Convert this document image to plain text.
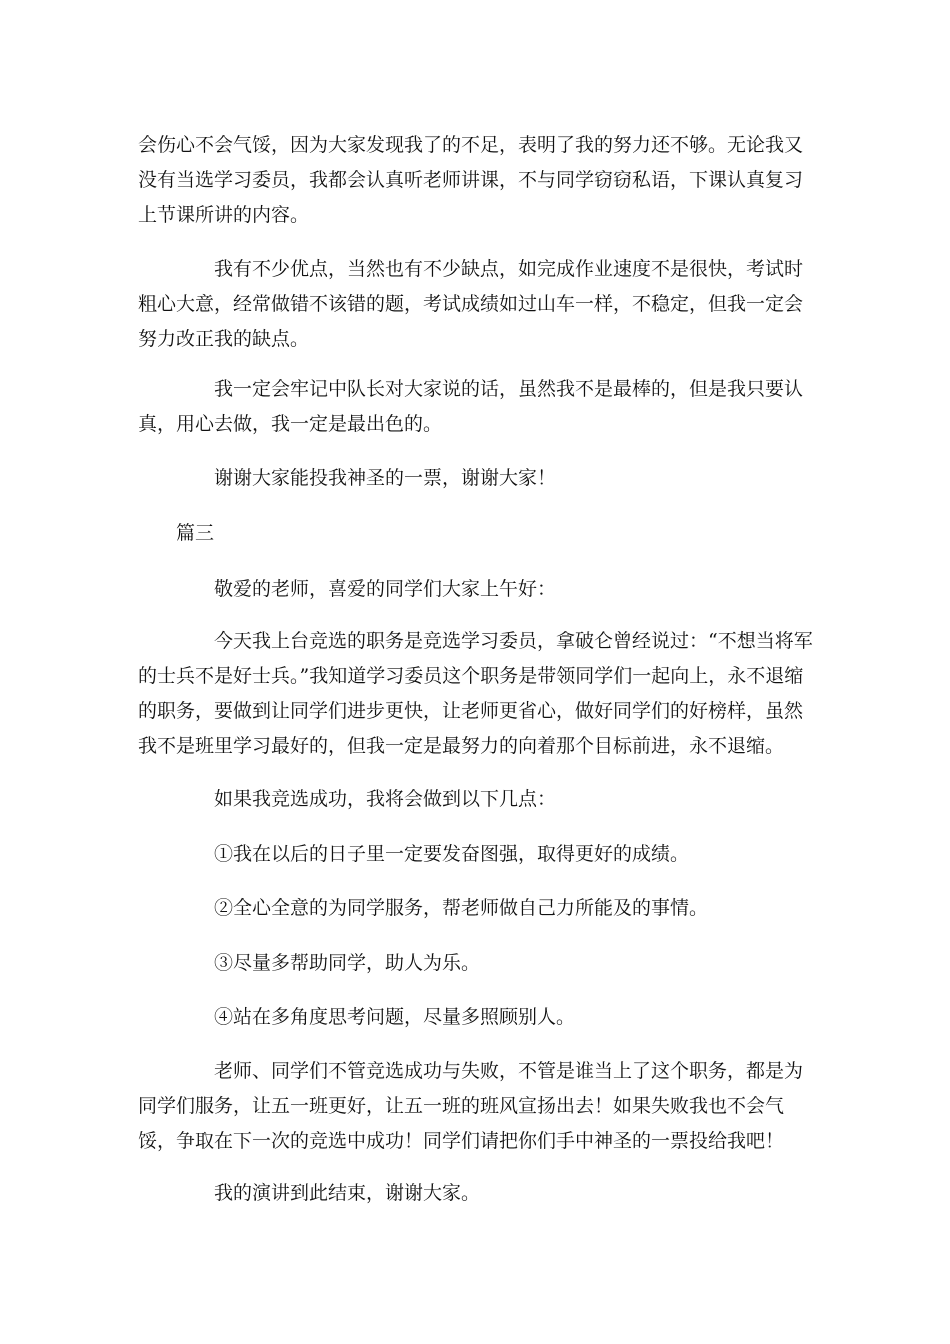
会伤心不会气馁，因为大家发现我了的不足，表明了我的努力还不够。无论我又没有当选学习委员，我都会认真听老师讲课，不与同学窃窃私语，下课认真复习上节课所讲的内容。

我有不少优点，当然也有不少缺点，如完成作业速度不是很快，考试时粗心大意，经常做错不该错的题，考试成绩如过山车一样，不稳定，但我一定会努力改正我的缺点。

我一定会牢记中队长对大家说的话，虽然我不是最棒的，但是我只要认真，用心去做，我一定是最出色的。

谢谢大家能投我神圣的一票，谢谢大家！

篇三

敬爱的老师，喜爱的同学们大家上午好：

今天我上台竞选的职务是竞选学习委员，拿破仑曾经说过：“不想当将军的士兵不是好士兵。”我知道学习委员这个职务是带领同学们一起向上，永不退缩的职务，要做到让同学们进步更快，让老师更省心，做好同学们的好榜样，虽然我不是班里学习最好的，但我一定是最努力的向着那个目标前进，永不退缩。

如果我竞选成功，我将会做到以下几点：

①我在以后的日子里一定要发奋图强，取得更好的成绩。

②全心全意的为同学服务，帮老师做自己力所能及的事情。

③尽量多帮助同学，助人为乐。

④站在多角度思考问题，尽量多照顾别人。

老师、同学们不管竞选成功与失败，不管是谁当上了这个职务，都是为同学们服务，让五一班更好，让五一班的班风宣扬出去！如果失败我也不会气馁，争取在下一次的竞选中成功！同学们请把你们手中神圣的一票投给我吧！

我的演讲到此结束，谢谢大家。
